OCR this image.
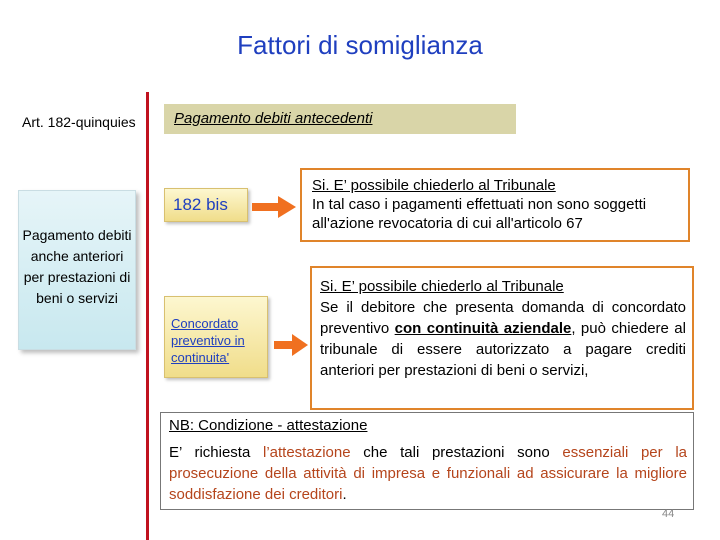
Fattori di somiglianza
Art. 182-quinquies
Pagamento debiti anche anteriori per prestazioni di beni o servizi
Pagamento debiti antecedenti
182 bis
Concordato preventivo in continuita'
Si. E’ possibile chiederlo al Tribunale
In tal caso i pagamenti effettuati non sono soggetti all'azione revocatoria di cui all'articolo 67
Si. E’ possibile chiederlo al Tribunale
Se il debitore che presenta domanda di concordato preventivo con continuità aziendale, può chiedere al tribunale di essere autorizzato a pagare crediti anteriori per prestazioni di beni o servizi,
NB: Condizione - attestazione
E’ richiesta l’attestazione che tali prestazioni sono essenziali per la prosecuzione della attività di impresa e funzionali ad assicurare la migliore soddisfazione dei creditori.
44
